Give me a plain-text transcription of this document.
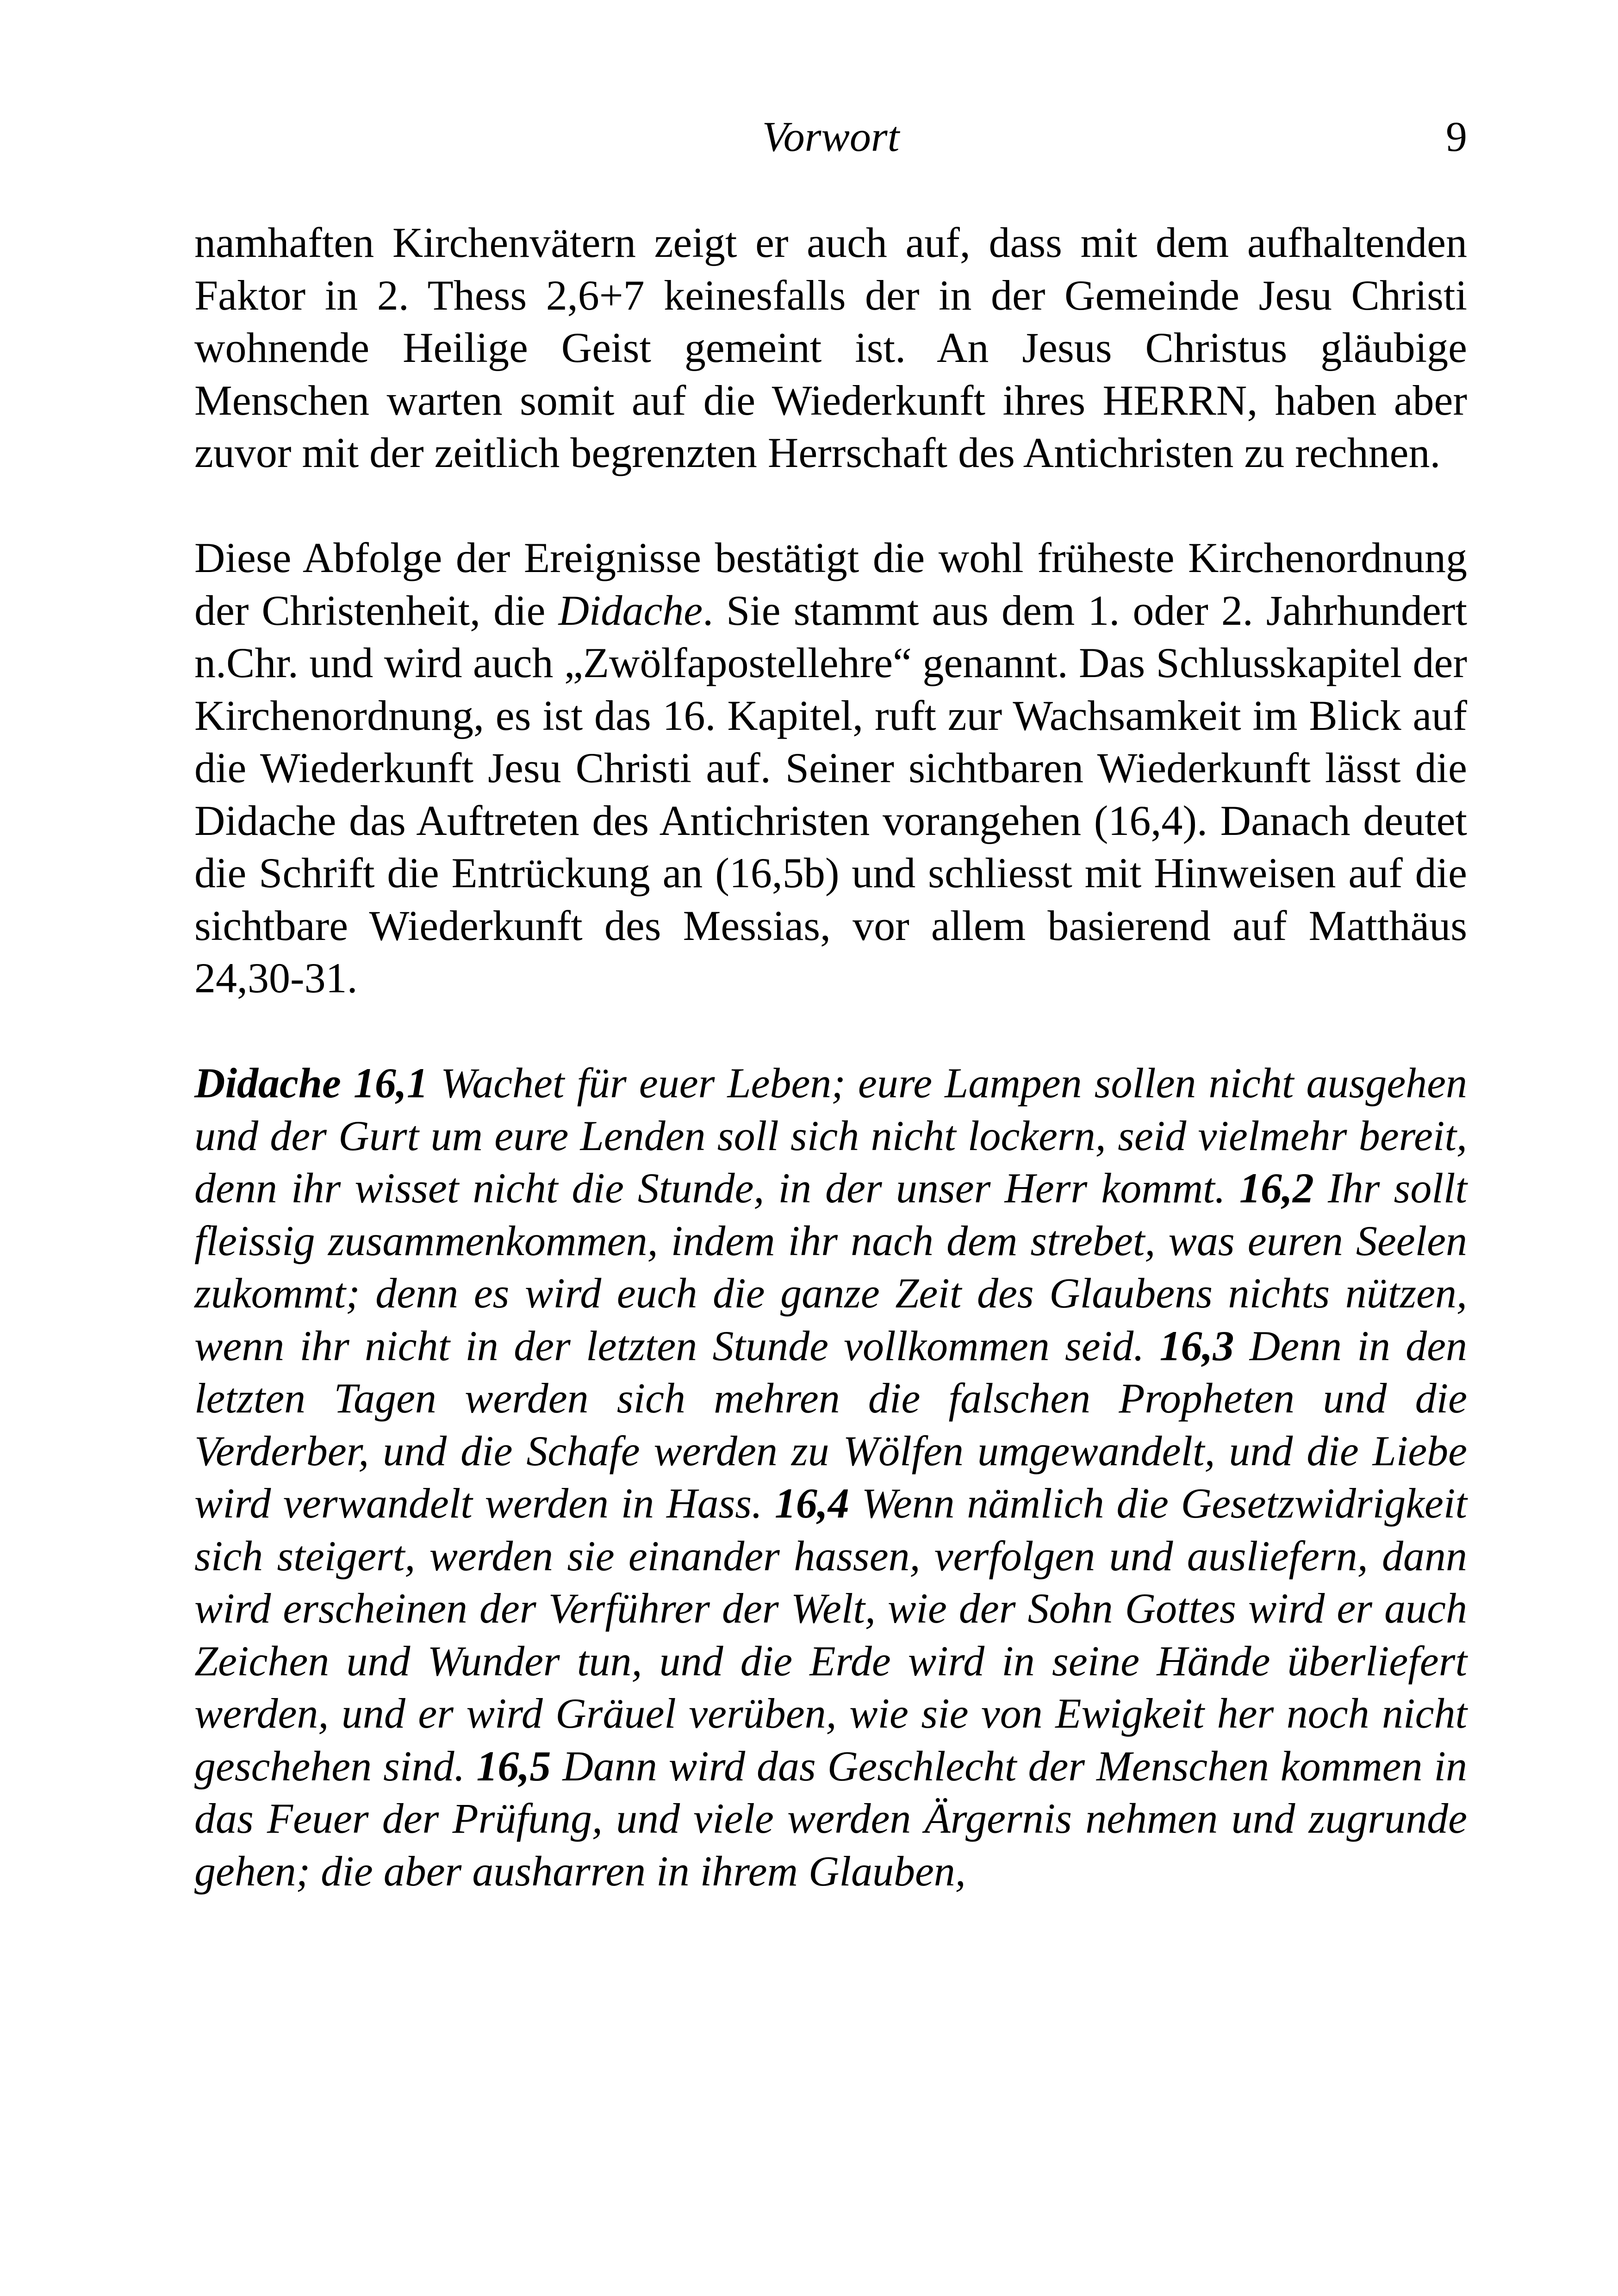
Vorwort	9

namhaften Kirchenvätern zeigt er auch auf, dass mit dem aufhaltenden Faktor in 2. Thess 2,6+7 keinesfalls der in der Gemeinde Jesu Christi wohnende Heilige Geist gemeint ist. An Jesus Christus gläubige Menschen warten somit auf die Wiederkunft ihres HERRN, haben aber zuvor mit der zeitlich begrenzten Herrschaft des Antichristen zu rechnen.

Diese Abfolge der Ereignisse bestätigt die wohl früheste Kirchenordnung der Christenheit, die Didache. Sie stammt aus dem 1. oder 2. Jahrhundert n.Chr. und wird auch „Zwölfapostellehre“ genannt. Das Schlusskapitel der Kirchenordnung, es ist das 16. Kapitel, ruft zur Wachsamkeit im Blick auf die Wiederkunft Jesu Christi auf. Seiner sichtbaren Wiederkunft lässt die Didache das Auftreten des Antichristen vorangehen (16,4). Danach deutet die Schrift die Entrückung an (16,5b) und schliesst mit Hinweisen auf die sichtbare Wiederkunft des Messias, vor allem basierend auf Matthäus 24,30-31.

Didache 16,1 Wachet für euer Leben; eure Lampen sollen nicht ausgehen und der Gurt um eure Lenden soll sich nicht lockern, seid vielmehr bereit, denn ihr wisset nicht die Stunde, in der unser Herr kommt. 16,2 Ihr sollt fleissig zusammenkommen, indem ihr nach dem strebet, was euren Seelen zukommt; denn es wird euch die ganze Zeit des Glaubens nichts nützen, wenn ihr nicht in der letzten Stunde vollkommen seid. 16,3 Denn in den letzten Tagen werden sich mehren die falschen Propheten und die Verderber, und die Schafe werden zu Wölfen umgewandelt, und die Liebe wird verwandelt werden in Hass. 16,4 Wenn nämlich die Gesetzwidrigkeit sich steigert, werden sie einander hassen, verfolgen und ausliefern, dann wird erscheinen der Verführer der Welt, wie der Sohn Gottes wird er auch Zeichen und Wunder tun, und die Erde wird in seine Hände überliefert werden, und er wird Gräuel verüben, wie sie von Ewigkeit her noch nicht geschehen sind. 16,5 Dann wird das Geschlecht der Menschen kommen in das Feuer der Prüfung, und viele werden Ärgernis nehmen und zugrunde gehen; die aber ausharren in ihrem Glauben,
